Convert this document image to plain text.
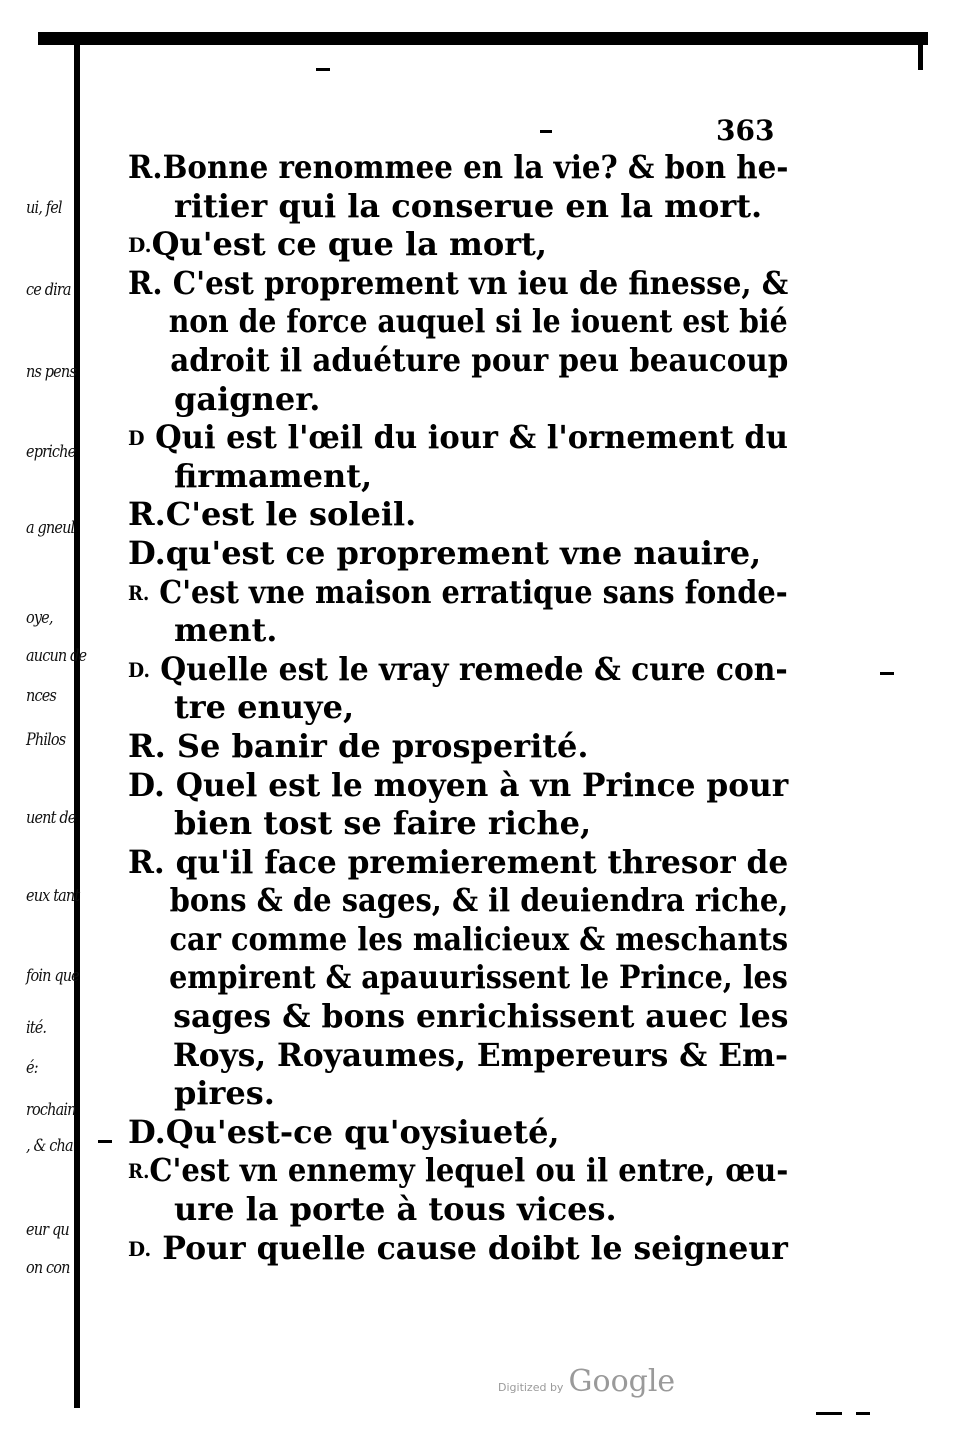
ui, fel
ce dira
ns pens
epriche
a gneul
oye,
aucun de
nces
Philos
uent de
eux tant
foin que
ité.
é:
rochain
, & cha
eur qu
on con
363
R.Bonne renommee en la vie? & bon he-
ritier qui la conserue en la mort.
D.Qu'est ce que la mort,
R. C'est proprement vn ieu de finesse, &
non de force auquel si le iouent est bié
adroit il aduéture pour peu beaucoup
gaigner.
D Qui est l'œil du iour & l'ornement du
firmament,
R.C'est le soleil.
D.qu'est ce proprement vne nauire,
R. C'est vne maison erratique sans fonde-
ment.
D. Quelle est le vray remede & cure con-
tre enuye,
R. Se banir de prosperité.
D. Quel est le moyen à vn Prince pour
bien tost se faire riche,
R. qu'il face premierement thresor de
bons & de sages, & il deuiendra riche,
car comme les malicieux & meschants
empirent & apauurissent le Prince, les
sages & bons enrichissent auec les
Roys, Royaumes, Empereurs & Em-
pires.
D.Qu'est-ce qu'oysiueté,
R.C'est vn ennemy lequel ou il entre, œu-
ure la porte à tous vices.
D. Pour quelle cause doibt le seigneur
Digitized by Google
